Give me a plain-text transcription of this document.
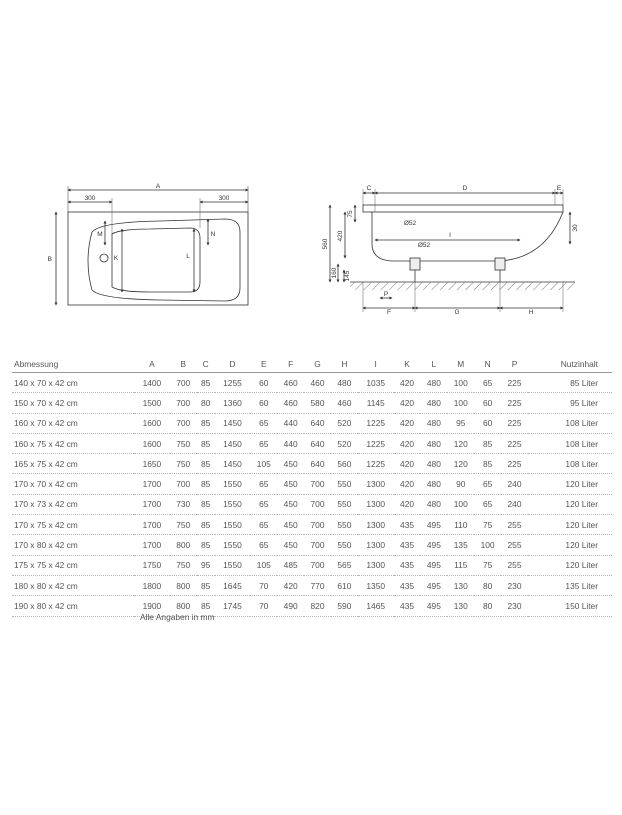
A
300	300
B	K	L
M	N
C	D	E
I
Ø52
Ø52
75
420
560
160 145
30
P
F	G	H
Abmessung	A	B	C	D	E	F	G	H	I	K	L	M	N	P	Nutzinhalt
140 x 70 x 42 cm	1400	700	85	1255	60	460	460	480	1035	420	480	100	65	225	85 Liter
150 x 70 x 42 cm	1500	700	80	1360	60	460	580	460	1145	420	480	100	60	225	95 Liter
160 x 70 x 42 cm	1600	700	85	1450	65	440	640	520	1225	420	480	95	60	225	108 Liter
160 x 75 x 42 cm	1600	750	85	1450	65	440	640	520	1225	420	480	120	85	225	108 Liter
165 x 75 x 42 cm	1650	750	85	1450	105	450	640	560	1225	420	480	120	85	225	108 Liter
170 x 70 x 42 cm	1700	700	85	1550	65	450	700	550	1300	420	480	90	65	240	120 Liter
170 x 73 x 42 cm	1700	730	85	1550	65	450	700	550	1300	420	480	100	65	240	120 Liter
170 x 75 x 42 cm	1700	750	85	1550	65	450	700	550	1300	435	495	110	75	255	120 Liter
170 x 80 x 42 cm	1700	800	85	1550	65	450	700	550	1300	435	495	135	100	255	120 Liter
175 x 75 x 42 cm	1750	750	95	1550	105	485	700	565	1300	435	495	115	75	255	120 Liter
180 x 80 x 42 cm	1800	800	85	1645	70	420	770	610	1350	435	495	130	80	230	135 Liter
190 x 80 x 42 cm	1900	800	85	1745	70	490	820	590	1465	435	495	130	80	230	150 Liter
Alle Angaben in mm
